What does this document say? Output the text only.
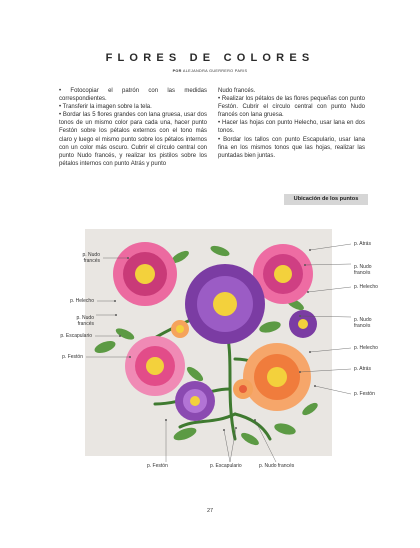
FLORES DE COLORES
POR ALEJANDRA GUERRERO PARIS

• Fotocopiar el patrón con las medidas correspondientes.

• Transferir la imagen sobre la tela.

• Bordar las 5 flores grandes con lana gruesa, usar dos tonos de un mismo color para cada una, hacer punto Festón sobre los pétalos externos con el tono más claro y luego el mismo punto sobre los pétalos internos con un color más oscuro. Cubrir el círculo central con punto Nudo francés, y realizar los pistilos sobre los pétalos internos con punto Atrás y punto

Nudo francés.

• Realizar los pétalos de las flores pequeñas con punto Festón. Cubrir el círculo central con punto Nudo francés con lana gruesa.

• Hacer las hojas con punto Helecho, usar lana en dos tonos.

• Bordar los tallos con punto Escapulario, usar lana fina en los mismos tonos que las hojas, realizar las puntadas bien juntas.

Ubicación de los puntos
p. Nudo
francés
p. Helecho

p. Nudo
francés

p. Escapulario
p. Festón
p. Atrás

p. Nudo
francés

p. Helecho

p. Nudo
francés

p. Helecho
p. Atrás
p. Festón
p. Festón	p. Escapulario	p. Nudo francés
27
